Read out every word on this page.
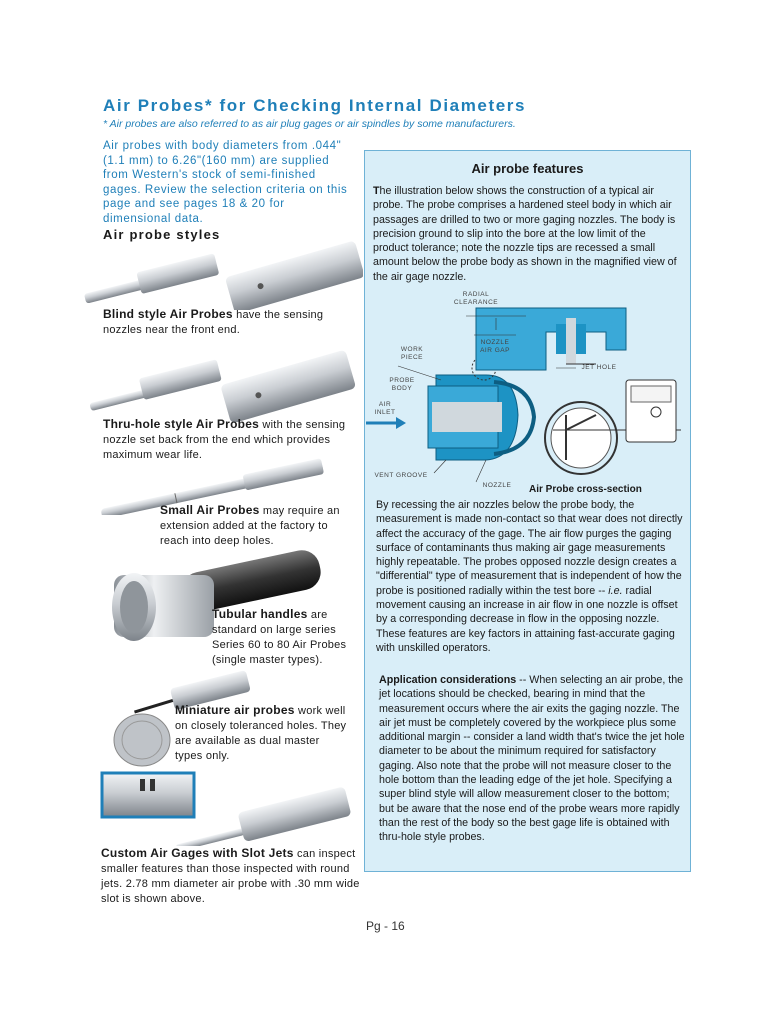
Air Probes* for Checking Internal Diameters
* Air probes are also referred to as air plug gages or air spindles by some manufacturers.
Air probes with body diameters from .044"(1.1 mm) to 6.26"(160 mm) are supplied from Western's stock of semi-finished gages. Review the selection criteria on this page and see pages 18 & 20 for dimensional data.
Air probe styles
Blind style Air Probes have the sensing nozzles near the front end.
Thru-hole style Air Probes with the sensing nozzle set back from the end which provides maximum wear life.
Small Air Probes may require an extension added at the factory to reach into deep holes.
Tubular handles are standard on large series Series 60 to 80 Air Probes (single master types).
Miniature air probes work well on closely toleranced holes. They are available as dual master types only.
Custom Air Gages with Slot Jets can inspect smaller features than those inspected with round jets. 2.78 mm diameter air probe with .30 mm wide slot is shown above.
Air probe features
The illustration below shows the construction of a typical air probe. The probe comprises a hardened steel body in which air passages are drilled to two or more gaging nozzles. The body is precision ground to slip into the bore at the low limit of the product tolerance; note the nozzle tips are recessed a small amount below the probe body as shown in the magnified view of the air gage nozzle.
RADIAL
CLEARANCE
NOZZLE
AIR GAP
WORK
PIECE
JET HOLE
PROBE
BODY
AIR
INLET
VENT GROOVE
NOZZLE	Air Probe cross-section
By recessing the air nozzles below the probe body, the measurement is made non-contact so that wear does not directly affect the accuracy of the gage. The air flow purges the gaging surface of contaminants thus making air gage measurements highly repeatable. The probes opposed nozzle design creates a "differential" type of measurement that is independent of how the probe is positioned radially within the test bore -- i.e. radial movement causing an increase in air flow in one nozzle is offset by a corresponding decrease in flow in the opposing nozzle. These features are key factors in attaining fast-accurate gaging with unskilled operators.
Application considerations -- When selecting an air probe, the jet locations should be checked, bearing in mind that the measurement occurs where the air exits the gaging nozzle. The air jet must be completely covered by the workpiece plus some additional margin -- consider a land width that's twice the jet hole diameter to be about the minimum required for satisfactory gaging. Also note that the probe will not measure closer to the hole bottom than the leading edge of the jet hole. Specifying a super blind style will allow measurement closer to the bottom; but be aware that the nose end of the probe wears more rapidly than the rest of the body so the best gage life is obtained with thru-hole style probes.
Pg - 16
